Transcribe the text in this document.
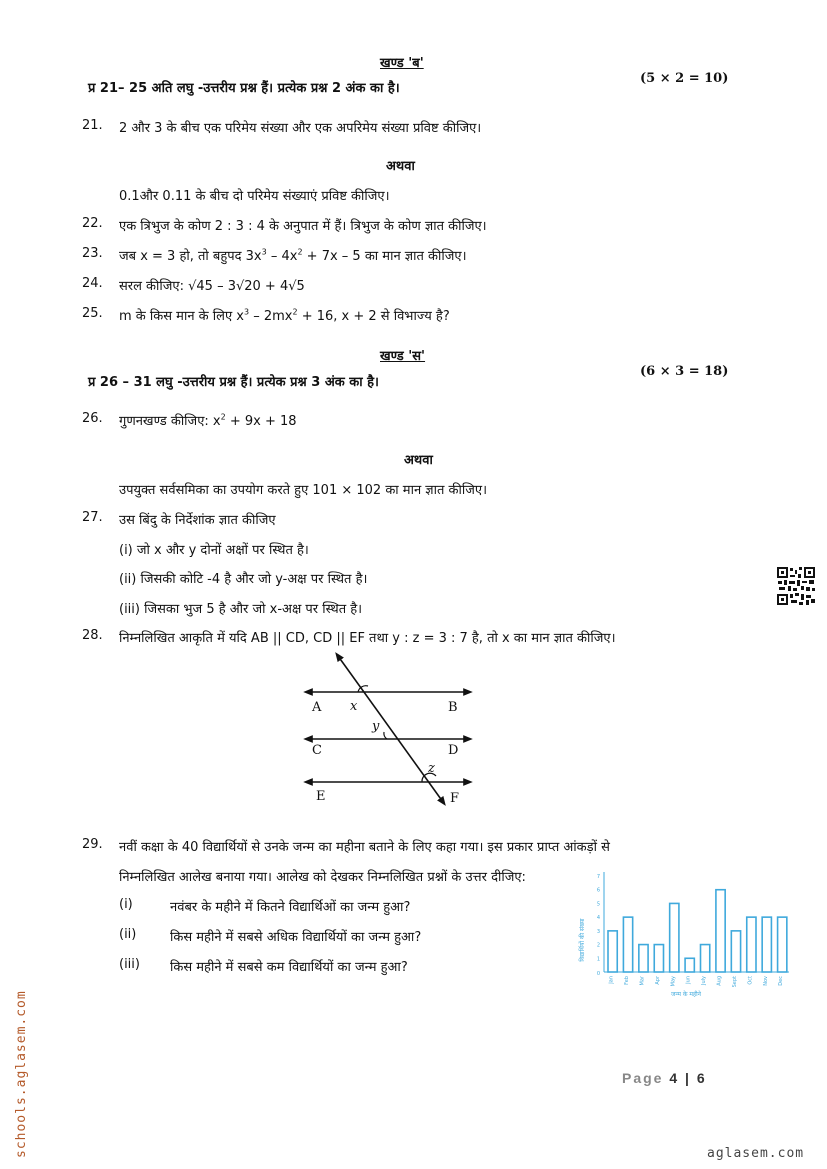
खण्ड 'ब'
प्र 21– 25 अति लघु -उत्तरीय प्रश्न हैं। प्रत्येक प्रश्न 2 अंक का है।
(5 × 2 = 10)
21. 2 और 3 के बीच एक परिमेय संख्या और एक अपरिमेय संख्या प्रविष्ट कीजिए।
अथवा
0.1और 0.11 के बीच दो परिमेय संख्याएं प्रविष्ट कीजिए।
22. एक त्रिभुज के कोण 2 : 3 : 4 के अनुपात में हैं। त्रिभुज के कोण ज्ञात कीजिए।
23. जब x = 3 हो, तो बहुपद $3x^3 - 4x^2 + 7x - 5$ का मान ज्ञात कीजिए।
24. सरल कीजिए: √45 – 3√20 + 4√5
25. m के किस मान के लिए $x^3 - 2mx^2 + 16$, x + 2 से विभाज्य है?
खण्ड 'स'
प्र 26 – 31 लघु -उत्तरीय प्रश्न हैं। प्रत्येक प्रश्न 3 अंक का है।
(6 × 3 = 18)
26. गुणनखण्ड कीजिए: $x^2 + 9x + 18$
अथवा
उपयुक्त सर्वसमिका का उपयोग करते हुए 101 × 102 का मान ज्ञात कीजिए।
27. उस बिंदु के निर्देशांक ज्ञात कीजिए
(i) जो x और y दोनों अक्षों पर स्थित है।
(ii) जिसकी कोटि -4 है और जो y-अक्ष पर स्थित है।
(iii) जिसका भुज 5 है और जो x-अक्ष पर स्थित है।
28. निम्नलिखित आकृति में यदि AB || CD, CD || EF तथा y : z = 3 : 7 है, तो x का मान ज्ञात कीजिए।
A	B
C	D
E	F
x
y
z
29. नवीं कक्षा के 40 विद्यार्थियों से उनके जन्म का महीना बताने के लिए कहा गया। इस प्रकार प्राप्त आंकड़ों से
निम्नलिखित आलेख बनाया गया। आलेख को देखकर निम्नलिखित प्रश्नों के उत्तर दीजिए:
(i)	नवंबर के महीने में कितने विद्यार्थिओं का जन्म हुआ?
(ii)	किस महीने में सबसे अधिक विद्यार्थियों का जन्म हुआ?
(iii) किस महीने में सबसे कम विद्यार्थियों का जन्म हुआ?
1
2
3
4
5
6
7
0
Jan Feb Mar Apr May Jun July Aug Sept Oct Nov Dec
विद्यार्थियों की संख्या
जन्म के महीने
Page 4 | 6
schools.aglasem.com	aglasem.com
